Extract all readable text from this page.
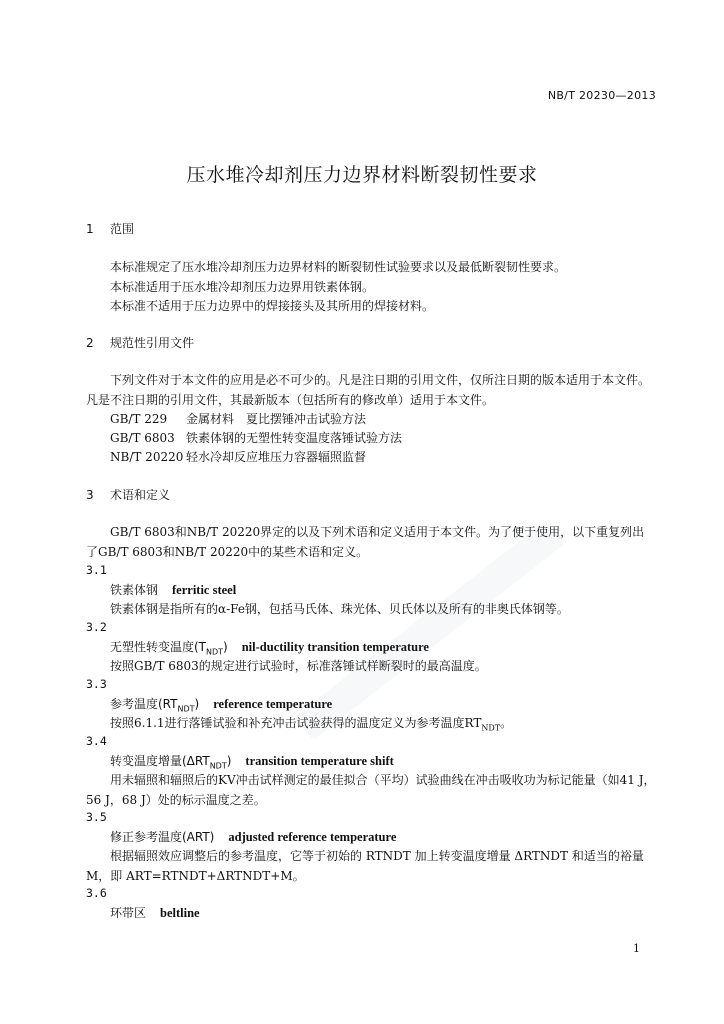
NB/T 20230—2013
压水堆冷却剂压力边界材料断裂韧性要求
1 范围
本标准规定了压水堆冷却剂压力边界材料的断裂韧性试验要求以及最低断裂韧性要求。
本标准适用于压水堆冷却剂压力边界用铁素体钢。
本标准不适用于压力边界中的焊接接头及其所用的焊接材料。
2 规范性引用文件
下列文件对于本文件的应用是必不可少的。凡是注日期的引用文件，仅所注日期的版本适用于本文件。凡是不注日期的引用文件，其最新版本（包括所有的修改单）适用于本文件。
GB/T 229 金属材料　夏比摆锤冲击试验方法
GB/T 6803 铁素体钢的无塑性转变温度落锤试验方法
NB/T 20220 轻水冷却反应堆压力容器辐照监督
3 术语和定义
GB/T 6803和NB/T 20220界定的以及下列术语和定义适用于本文件。为了便于使用，以下重复列出了GB/T 6803和NB/T 20220中的某些术语和定义。
3.1
铁素体钢 ferritic steel
铁素体钢是指所有的α-Fe钢，包括马氏体、珠光体、贝氏体以及所有的非奥氏体钢等。
3.2
无塑性转变温度$(T_{NDT})$ nil-ductility transition temperature
按照GB/T 6803的规定进行试验时，标准落锤试样断裂时的最高温度。
3.3
参考温度$(RT_{NDT})$ reference temperature
按照6.1.1进行落锤试验和补充冲击试验获得的温度定义为参考温度$RT_{NDT}$。
3.4
转变温度增量$(\Delta RT_{NDT})$ transition temperature shift
用未辐照和辐照后的KV冲击试样测定的最佳拟合（平均）试验曲线在冲击吸收功为标记能量（如41 J，56 J，68 J）处的标示温度之差。
3.5
修正参考温度(ART) adjusted reference temperature
根据辐照效应调整后的参考温度，它等于初始的 RTNDT 加上转变温度增量 ΔRTNDT 和适当的裕量 M，即 ART=RTNDT+ΔRTNDT+M。
3.6
环带区 beltline
1
